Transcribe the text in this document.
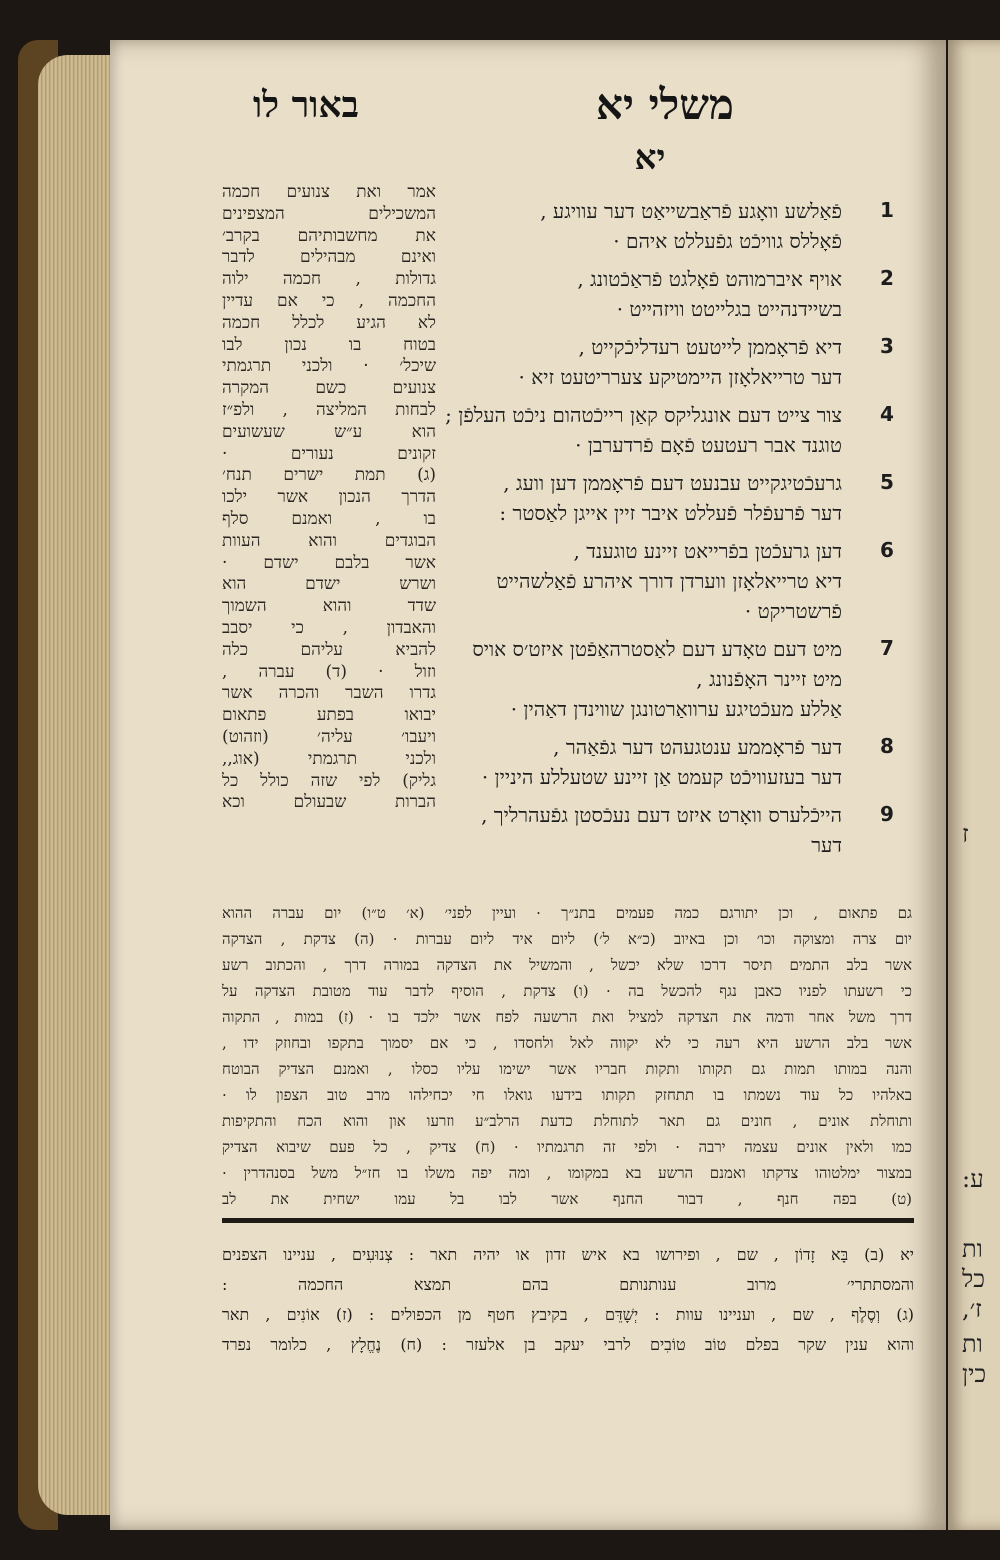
ז
ע:
ות
כל
ז׳,
ות
כין
משלי יא
באור לו
יא
1
פֿאַלשע וואָגע פֿראַבשייאַט דער עוויגע ,
פֿאָללס גוויכֿט גפֿעללט איהם ·
2
אויף איברמוהט פֿאָלגט פֿראַכֿטונג ,
בשיידנהייט בגלייטט וויזהייט ·
3
דיא פֿראָממן לייטעט רעדליכֿקייט ,
דער טרייאלאָזן היימטיקע צערריטעט זיא ·
4
צור צייט דעם אונגליקס קאַן רייכֿטהום ניכֿט העלפֿן ;
טוגנד אבר רעטעט פֿאָם פֿרדערבן ·
5
גרעכֿטיגקייט עבנעט דעם פֿראָממן דען וועג ,
דער פֿרעפֿלר פֿעללט איבר זיין אייגן לאַסטר :
6
דען גרעכֿטן בפֿרייאט זיינע טוגענד ,
דיא טרייאלאָזן ווערדן דורך איהרע פֿאַלשהייט
פֿרשטריקט ·
7
מיט דעם טאָדע דעם לאַסטרהאַפֿטן איזט׳ס אויס
מיט זיינר האָפֿנונג ,
אַללע מעכֿטיגע ערוואַרטונגן שווינדן דאַהין ·
8
דער פֿראָממע ענטגעהט דער גפֿאַהר ,
דער בעזעוויכֿט קעמט אַן זיינע שטעללע היניין ·
9
הייכֿלערס וואָרט איזט דעם נעכֿסטן גפֿעהרליך ,
דער
אמר ואת צנועים חכמה
המשכילים המצפינים
את מחשבותיהם בקרב׳
ואינם מבהילים לדבר
גדולות , חכמה ילוה
החכמה , כי אם עדיין
לא הגיע לכלל חכמה
בטוח בו נכון לבו
שיכל׳ · ולכני תרגמתי
צנועים כשם המקרה
לבחות המליצה , ולפ״ז
הוא ע״ש שעשועים
זקונים נעורים ·
(ג) תמת ישרים תנח׳
הדרך הנכון אשר ילכו
בו , ואמנם סלף
הבוגדים והוא העוות
אשר בלבם ישדם ·
ושרש ישדם הוא
שדד והוא השמוך
והאבדון , כי יסבב
להביא עליהם כלה
וזול · (ד) עברה ,
גדרו השבר והכרה אשר
יבואו בפתע פתאום
ויעבו׳ עליה׳ (וזהוט)
ולכני תרגמתי (אוג,,
גליק) לפי שזה כולל כל
הברות שבעולם וכא
גם פתאום , וכן יתורגם כמה פעמים בתנ״ך · ועיין לפני׳ (א׳ ט״ו) יום עברה ההוא
יום צרה ומצוקה וכו׳ וכן באיוב (כ״א ל׳) ליום איד ליום עברות · (ה) צדקת , הצדקה
אשר בלב התמים תיסר דרכו שלא יכשל , והמשיל את הצדקה במורה דרך , והכתוב רשע
כי רשעתו לפניו כאבן נגף להכשל בה · (ו) צדקת , הוסיף לדבר עוד מטובת הצדקה על
דרך משל אחר ודמה את הצדקה למציל ואת הרשעה לפח אשר ילכד בו · (ז) במות , התקוה
אשר בלב הרשע היא רעה כי לא יקווה לאל ולחסדו , כי אם יסמוך בתקפו ובחוזק ידו ,
והנה במותו תמות גם תקותו ותקות חבריו אשר ישימו עליו כסלו , ואמנם הצדיק הבוטח
באלהיו כל עוד נשמתו בו תתחזק תקותו בידעו גואלו חי יכחילהו מרב טוב הצפון לו ·
ותוחלת אונים , חונים גם תאר לתוחלת כדעת הרלב״ע וזרעו און והוא הכח והתקיפות
כמו ולאין אונים עצמה ירבה · ולפי זה תרגמתיו · (ח) צדיק , כל פעם שיבוא הצדיק
במצור ימלטוהו צדקתו ואמנם הרשע בא במקומו , ומה יפה משלו בו חז״ל משל בסנהדרין ·
(ט) בפה חנף , דבור החנף אשר לבו בל עמו ישחית את לב
יא (ב) בָּא זָדוֹן , שם , ופירושו בא איש זדון או יהיה תאר : צְנוּעִים , עניינו הצפנים
והמסתתרי׳ מרוב ענותנותם בהם תמצא החכמה :
(ג) וְסֶלֶף , שם , ועניינו עוות : יְשָׁדֵּם , בקיבץ חטף מן הכפולים : (ז) אוֹנִים , תאר
והוא ענין שקר בפלם טוֹב טוֹבִים לרבי יעקב בן אלעזר : (ח) נֶחֱלָץ , כלומר נפרד
